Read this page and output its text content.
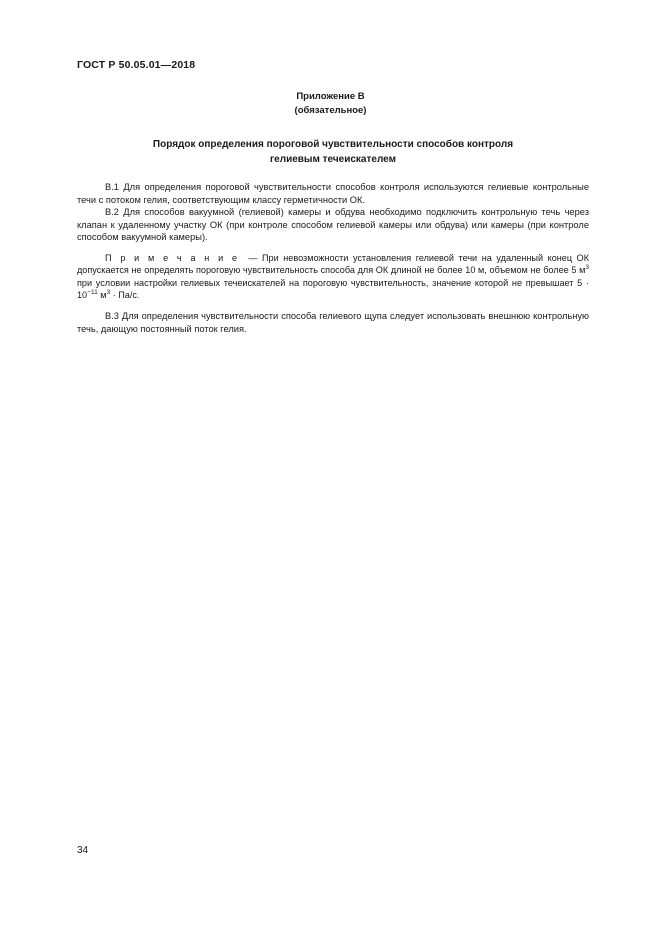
ГОСТ Р 50.05.01—2018
Приложение В
(обязательное)
Порядок определения пороговой чувствительности способов контроля
гелиевым течеискателем

В.1 Для определения пороговой чувствительности способов контроля используются гелиевые контрольные течи с потоком гелия, соответствующим классу герметичности ОК.

В.2 Для способов вакуумной (гелиевой) камеры и обдува необходимо подключить контрольную течь через клапан к удаленному участку ОК (при контроле способом гелиевой камеры или обдува) или камеры (при контроле способом вакуумной камеры).

П р и м е ч а н и е — При невозможности установления гелиевой течи на удаленный конец ОК допускается не определять пороговую чувствительность способа для ОК длиной не более 10 м, объемом не более 5 $м^3$ при условии настройки гелиевых течеискателей на пороговую чувствительность, значение которой не превышает $5 \cdot 10^{-11}$ $м^3 \cdot Па/с$.

В.3 Для определения чувствительности способа гелиевого щупа следует использовать внешнюю контрольную течь, дающую постоянный поток гелия.

34
